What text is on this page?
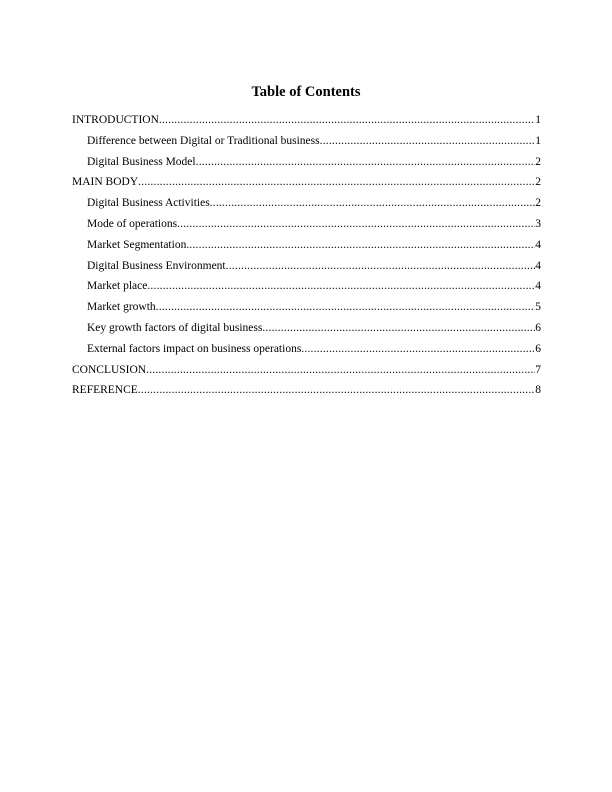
Table of Contents
INTRODUCTION .....	1
Difference between Digital or Traditional business .....	1
Digital Business Model .....	2
MAIN BODY .....	2
Digital Business Activities .....	2
Mode of operations .....	3
Market Segmentation .....	4
Digital Business Environment .....	4
Market place .....	4
Market growth .....	5
Key growth factors of digital business .....	6
External factors impact on business operations .....	6
CONCLUSION .....	7
REFERENCE .....	8
